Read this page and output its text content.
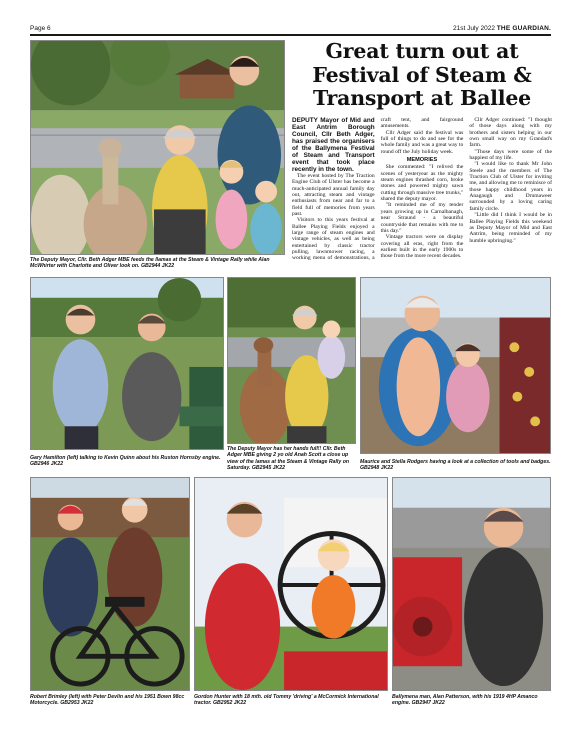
Page 6	21st July 2022 THE GUARDIAN.
The Deputy Mayor, Cllr. Beth Adger MBE feeds the llamas at the Steam & Vintage Rally while Alan McWhirter with Charlotte and Oliver look on. GB2944 JK22
Great turn out at Festival of Steam & Transport at Ballee

DEPUTY Mayor of Mid and East Antrim Borough Council, Cllr Beth Adger, has praised the organisers of the Ballymena Festival of Steam and Transport event that took place recently in the town.

The event hosted by The Traction Engine Club of Ulster has become a much-anticipated annual family day out, attracting steam and vintage enthusiasts from near and far to a field full of memories from years past.

Visitors to this years festival at Ballee Playing Fields enjoyed a large range of steam engines and vintage vehicles, as well as being entertained by classic tractor pulling, lawnmower racing, a working menu of demonstrations, a craft tent, and fairground amusements.

Cllr Adger said the festival was full of things to do and see for the whole family and was a great way to round off the July holiday week.

MEMORIES

She commented: "I relived the scenes of yesteryear as the mighty steam engines thrashed corn, broke stones and powered mighty sawn cutting through massive tree trunks," shared the deputy mayor.

"It reminded me of my tender years growing up in Carnalbanagh, near Straund - a beautiful countryside that remains with me to this day."

Vintage tractors were on display covering all eras, right from the earliest built in the early 1900s to those from the more recent decades.

Cllr Adger continued: "I thought of those days along with my brothers and sisters helping in our own small way on my Grandad's farm.

"Those days were some of the happiest of my life.

"I would like to thank Mr John Steele and the members of The Traction Club of Ulster for inviting me, and allowing me to reminisce of those happy childhood years in Anagaugh and Drumaweer surrounded by a loving caring family circle.

"Little did I think I would be in Ballee Playing Fields this weekend as Deputy Mayor of Mid and East Antrim, being reminded of my humble upbringing."

Gary Hamilton (left) talking to Kevin Quinn about his Ruston Hornsby engine. GB2946 JK22
The Deputy Mayor has her hands full!! Cllr. Beth Adger MBE giving 2 yo old Anah Scott a close up view of the lamas at the Steam & Vintage Rally on Saturday. GB2945 JK22
Maurice and Stella Rodgers having a look at a collection of tools and badges. GB2948 JK22
Robert Brimley (left) with Peter Devlin and his 1951 Bown 98cc Motorcycle. GB2953 JK22
Gordon Hunter with 18 mth. old Tommy 'driving' a McCormick International tractor. GB2952 JK22
Ballymena man, Alan Patterson, with his 1919 4HP Amanco engine. GB2947 JK22
